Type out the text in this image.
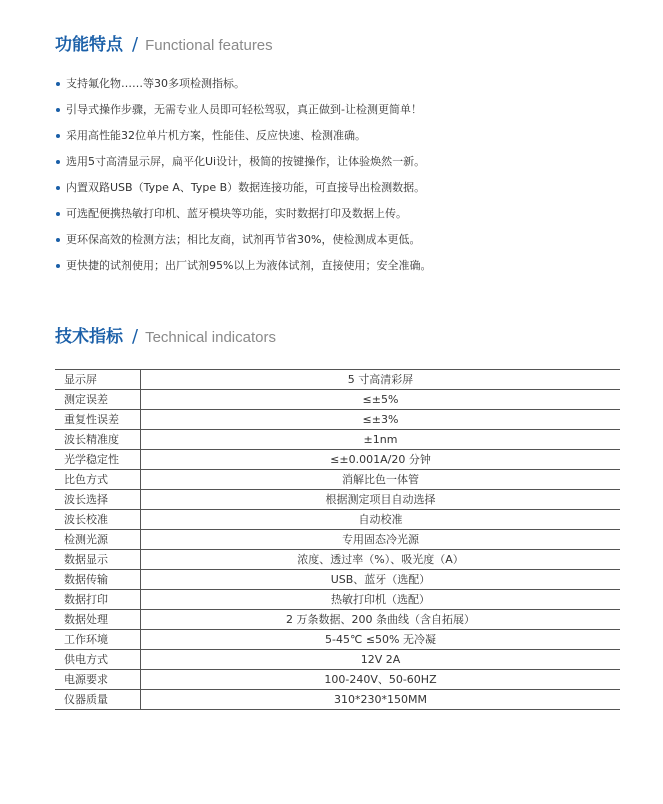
功能特点 / Functional features
支持氟化物……等30多项检测指标。
引导式操作步骤，无需专业人员即可轻松驾驭，真正做到-让检测更简单！
采用高性能32位单片机方案，性能佳、反应快速、检测准确。
选用5寸高清显示屏，扁平化Ui设计，极简的按键操作，让体验焕然一新。
内置双路USB（Type A、Type B）数据连接功能，可直接导出检测数据。
可选配便携热敏打印机、蓝牙模块等功能，实时数据打印及数据上传。
更环保高效的检测方法；相比友商，试剂再节省30%，使检测成本更低。
更快捷的试剂使用；出厂试剂95%以上为液体试剂，直接使用；安全准确。
技术指标 / Technical indicators
显示屏	5 寸高清彩屏
测定误差	≤±5%
重复性误差	≤±3%
波长精准度	±1nm
光学稳定性	≤±0.001A/20 分钟
比色方式	消解比色一体管
波长选择	根据测定项目自动选择
波长校准	自动校准
检测光源	专用固态冷光源
数据显示	浓度、透过率（%）、吸光度（A）
数据传输	USB、蓝牙（选配）
数据打印	热敏打印机（选配）
数据处理	2 万条数据、200 条曲线（含自拓展）
工作环境	5-45℃ ≤50% 无冷凝
供电方式	12V 2A
电源要求	100-240V、50-60HZ
仪器质量	310*230*150MM
